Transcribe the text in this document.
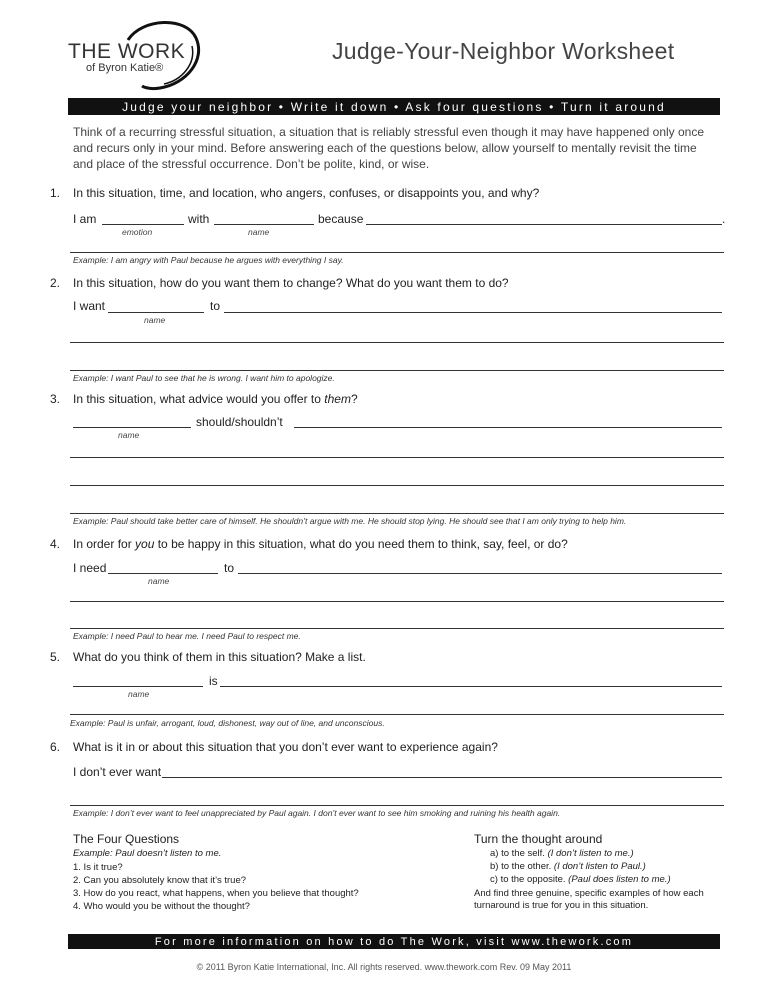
THE WORK
of Byron Katie®
Judge-Your-Neighbor Worksheet
Judge your neighbor • Write it down • Ask four questions • Turn it around
Think of a recurring stressful situation, a situation that is reliably stressful even though it may have happened only once and recurs only in your mind. Before answering each of the questions below, allow yourself to mentally revisit the time and place of the stressful occurrence. Don’t be polite, kind, or wise.
1. In this situation, time, and location, who angers, confuses, or disappoints you, and why?
I am
emotion
with
name
because	.
Example: I am angry with Paul because he argues with everything I say.
2. In this situation, how do you want them to change? What do you want them to do?
I want
name
to
Example: I want Paul to see that he is wrong. I want him to apologize.
3. In this situation, what advice would you offer to them?
name
should/shouldn’t
Example: Paul should take better care of himself. He shouldn’t argue with me. He should stop lying. He should see that I am only trying to help him.
4. In order for you to be happy in this situation, what do you need them to think, say, feel, or do?
I need
name
to
Example: I need Paul to hear me. I need Paul to respect me.
5. What do you think of them in this situation? Make a list.
name
is
Example: Paul is unfair, arrogant, loud, dishonest, way out of line, and unconscious.
6. What is it in or about this situation that you don’t ever want to experience again?
I don’t ever want
Example: I don’t ever want to feel unappreciated by Paul again. I don’t ever want to see him smoking and ruining his health again.
The Four Questions
Example: Paul doesn’t listen to me.
1. Is it true?
2. Can you absolutely know that it’s true?
3. How do you react, what happens, when you believe that thought?
4. Who would you be without the thought?
Turn the thought around
a) to the self. (I don’t listen to me.)
b) to the other. (I don’t listen to Paul.)
c) to the opposite. (Paul does listen to me.)
And find three genuine, specific examples of how each turnaround is true for you in this situation.
For more information on how to do The Work, visit www.thework.com
© 2011 Byron Katie International, Inc. All rights reserved. www.thework.com Rev. 09 May 2011
